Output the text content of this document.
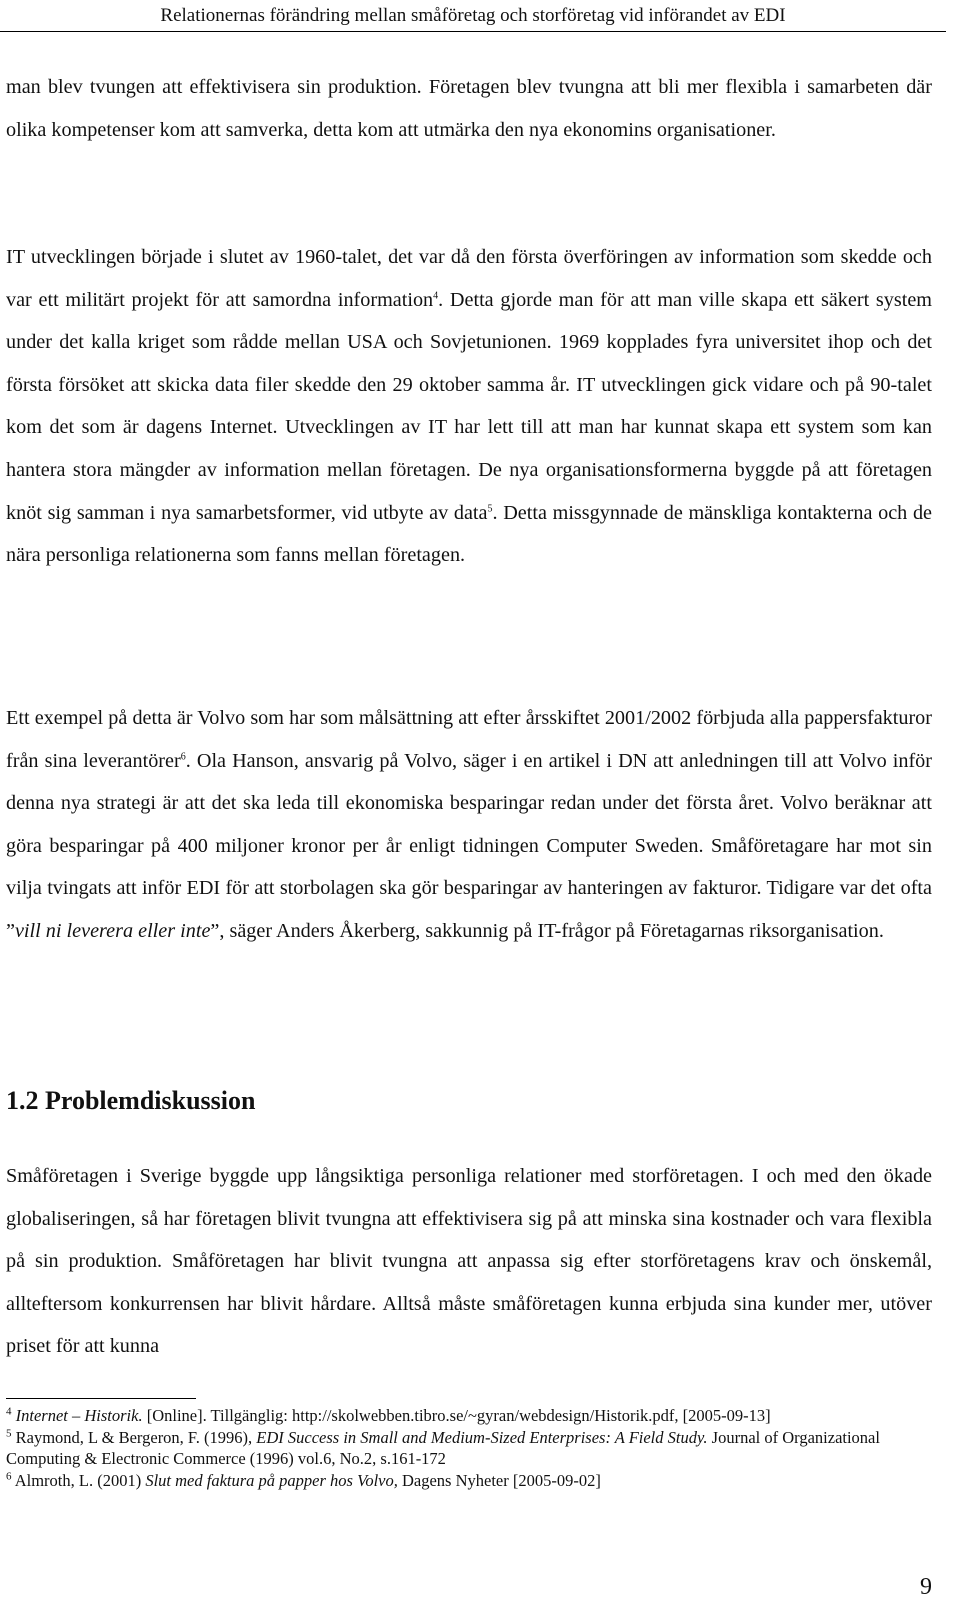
Relationernas förändring mellan småföretag och storföretag vid införandet av EDI

man blev tvungen att effektivisera sin produktion. Företagen blev tvungna att bli mer flexibla i samarbeten där olika kompetenser kom att samverka, detta kom att utmärka den nya ekonomins organisationer.

IT utvecklingen började i slutet av 1960-talet, det var då den första överföringen av information som skedde och var ett militärt projekt för att samordna information$^4$. Detta gjorde man för att man ville skapa ett säkert system under det kalla kriget som rådde mellan USA och Sovjetunionen. 1969 kopplades fyra universitet ihop och det första försöket att skicka data filer skedde den 29 oktober samma år. IT utvecklingen gick vidare och på 90-talet kom det som är dagens Internet. Utvecklingen av IT har lett till att man har kunnat skapa ett system som kan hantera stora mängder av information mellan företagen. De nya organisationsformerna byggde på att företagen knöt sig samman i nya samarbetsformer, vid utbyte av data$^5$. Detta missgynnade de mänskliga kontakterna och de nära personliga relationerna som fanns mellan företagen.

Ett exempel på detta är Volvo som har som målsättning att efter årsskiftet 2001/2002 förbjuda alla pappersfakturor från sina leverantörer$^6$. Ola Hanson, ansvarig på Volvo, säger i en artikel i DN att anledningen till att Volvo inför denna nya strategi är att det ska leda till ekonomiska besparingar redan under det första året. Volvo beräknar att göra besparingar på 400 miljoner kronor per år enligt tidningen Computer Sweden. Småföretagare har mot sin vilja tvingats att inför EDI för att storbolagen ska gör besparingar av hanteringen av fakturor. Tidigare var det ofta ”vill ni leverera eller inte”, säger Anders Åkerberg, sakkunnig på IT-frågor på Företagarnas riksorganisation.

1.2 Problemdiskussion

Småföretagen i Sverige byggde upp långsiktiga personliga relationer med storföretagen. I och med den ökade globaliseringen, så har företagen blivit tvungna att effektivisera sig på att minska sina kostnader och vara flexibla på sin produktion. Småföretagen har blivit tvungna att anpassa sig efter storföretagens krav och önskemål, allteftersom konkurrensen har blivit hårdare. Alltså måste småföretagen kunna erbjuda sina kunder mer, utöver priset för att kunna

$^4$ Internet – Historik. [Online]. Tillgänglig: http://skolwebben.tibro.se/~gyran/webdesign/Historik.pdf, [2005-09-13]

$^5$ Raymond, L & Bergeron, F. (1996), EDI Success in Small and Medium-Sized Enterprises: A Field Study. Journal of Organizational Computing & Electronic Commerce (1996) vol.6, No.2, s.161-172

$^6$ Almroth, L. (2001) Slut med faktura på papper hos Volvo, Dagens Nyheter [2005-09-02]

9
